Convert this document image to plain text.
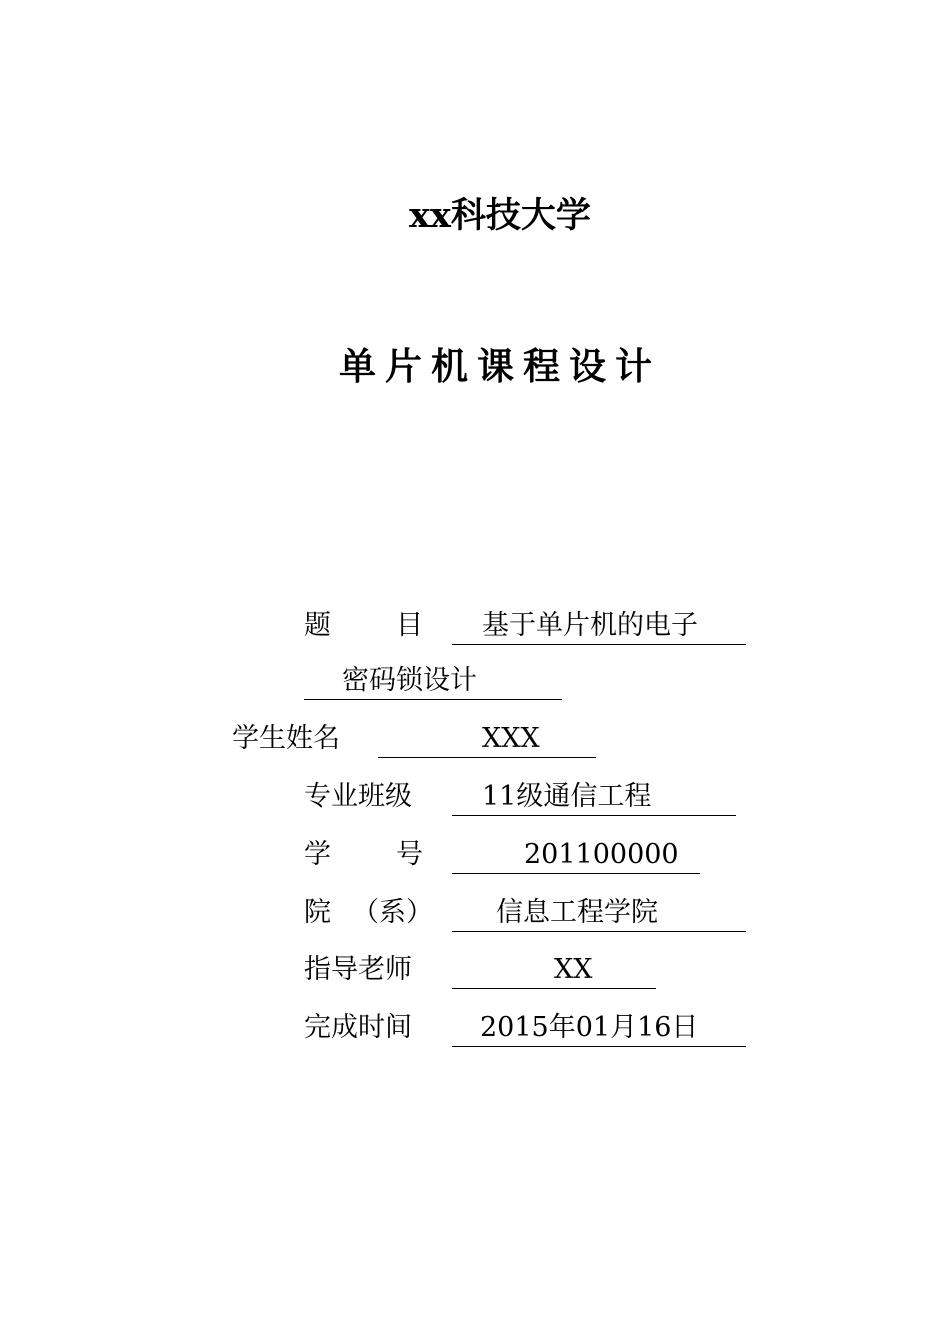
xx科技大学
单片机课程设计
题 目 基于单片机的电子
密码锁设计
学生姓名	XXX
专业班级	11级通信工程
学 号	201100000
院 （系） 信息工程学院
指导老师	XX
完成时间	2015年01月16日
